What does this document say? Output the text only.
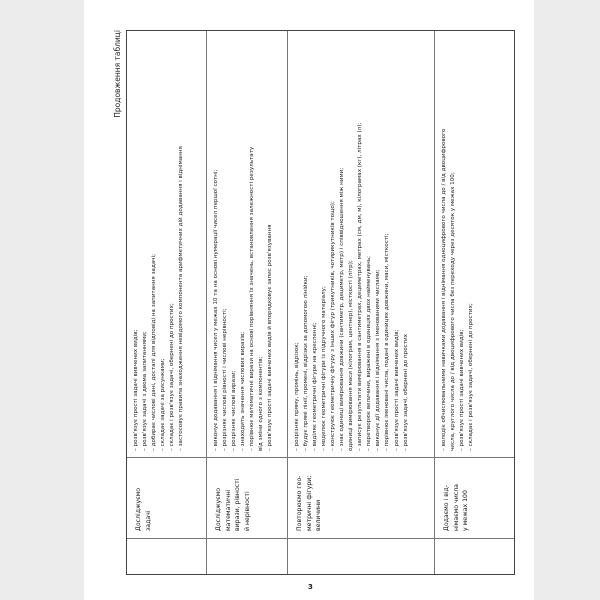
Продовження таблиці
Досліджуємо
задачі
– розв'язує прості задачі вивчених видів; – розв'язує задачі з двома запитаннями; – добирає числові дані, досталі для відповіді на запитання задачі; – складає задачі за рисунками; – складає і розв'язує задачі, обернені до простих; – застосовує правила знаходження невідомого компонента арифметичних дій додавання і віднімання
Досліджуємо
математичні
вирази, рівності
й нерівності
– виконує додавання і віднімання чисел у межах 10 та на основі нумерації чисел першої сотні; – розрізняє числові рівності і числові нерівності; – розрізняє числові вирази; – знаходить значення числових виразів; – порівнює математичні вирази на основі порівняння їх значень, встановлення залежності результату від зміни одного з компонентів; – розв'язує прості задачі вивчених видів й впорядковує запис розв'язування
Повторюємо гео-
метричні фігури;
величини
– розрізняє пряму, промінь, відрізок; – будує прямі лінії, промені, відрізки за допомогою лінійки; – виділяє геометричні фігури на кресленні; – моделює геометричні фігури із підручного матеріалу; – конструює геометричну фігуру з інших фігур (трикутників, чотирикутників тощо); – знає одиниці вимірювання довжини (сантиметр, дециметр, метр) і співвідношення між ними; одиниці вимірювання маси (кілограм, центнер), місткості (літр); – записує результати вимірювання в сантиметрах, дециметрах, метрах (см, дм, м), кілограмах (кг), літрах (л); – перетворює величини, виражені в одиницях двох найменувань; – виконує дії додавання і віднімання з іменованими числами; – порівнює іменовані числа, подані в одиницях довжини, маси, місткості; – розв'язує прості задачі вивчених видів; – розв'язує задачі, обернені до простих
Додаємо і від-
німаємо числа
у межах 100
– володіє обчислювальними навичками додавання і віднімання одноцифрового числа до / від двоцифрового числа, круглого числа до / від двоцифрового числа без переходу через десяток у межах 100; – розв'язує прості задачі вивчених видів; – складає і розв'язує задачі, обернені до простих;
3
